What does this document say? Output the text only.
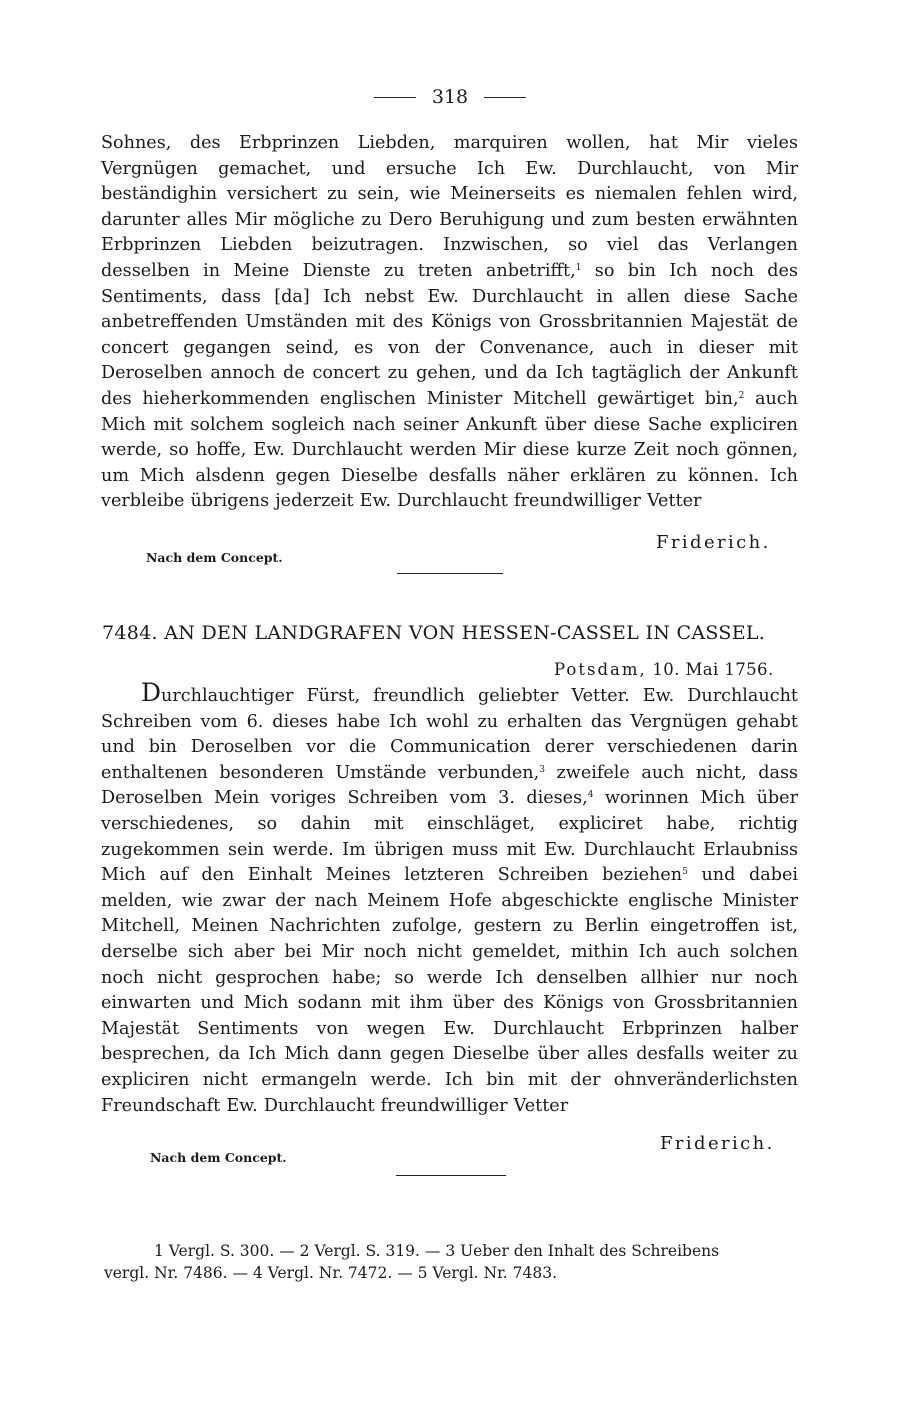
318
Sohnes, des Erbprinzen Liebden, marquiren wollen, hat Mir vieles Vergnügen gemachet, und ersuche Ich Ew. Durchlaucht, von Mir beständighin versichert zu sein, wie Meinerseits es niemalen fehlen wird, darunter alles Mir mögliche zu Dero Beruhigung und zum besten erwähnten Erbprinzen Liebden beizutragen. Inzwischen, so viel das Verlangen desselben in Meine Dienste zu treten anbetrifft,$^1$ so bin Ich noch des Sentiments, dass [da] Ich nebst Ew. Durchlaucht in allen diese Sache anbetreffenden Umständen mit des Königs von Grossbritannien Majestät de concert gegangen seind, es von der Convenance, auch in dieser mit Deroselben annoch de concert zu gehen, und da Ich tagtäglich der Ankunft des hieherkommenden englischen Minister Mitchell gewärtiget bin,$^2$ auch Mich mit solchem sogleich nach seiner Ankunft über diese Sache expliciren werde, so hoffe, Ew. Durchlaucht werden Mir diese kurze Zeit noch gönnen, um Mich alsdenn gegen Dieselbe desfalls näher erklären zu können. Ich verbleibe übrigens jederzeit Ew. Durchlaucht freundwilliger Vetter
Friderich.
Nach dem Concept.
7484. AN DEN LANDGRAFEN VON HESSEN-CASSEL IN CASSEL.
Potsdam, 10. Mai 1756.
Durchlauchtiger Fürst, freundlich geliebter Vetter. Ew. Durchlaucht Schreiben vom 6. dieses habe Ich wohl zu erhalten das Vergnügen gehabt und bin Deroselben vor die Communication derer verschiedenen darin enthaltenen besonderen Umstände verbunden,$^3$ zweifele auch nicht, dass Deroselben Mein voriges Schreiben vom 3. dieses,$^4$ worinnen Mich über verschiedenes, so dahin mit einschläget, expliciret habe, richtig zugekommen sein werde. Im übrigen muss mit Ew. Durchlaucht Erlaubniss Mich auf den Einhalt Meines letzteren Schreiben beziehen$^5$ und dabei melden, wie zwar der nach Meinem Hofe abgeschickte englische Minister Mitchell, Meinen Nachrichten zufolge, gestern zu Berlin eingetroffen ist, derselbe sich aber bei Mir noch nicht gemeldet, mithin Ich auch solchen noch nicht gesprochen habe; so werde Ich denselben allhier nur noch einwarten und Mich sodann mit ihm über des Königs von Grossbritannien Majestät Sentiments von wegen Ew. Durchlaucht Erbprinzen halber besprechen, da Ich Mich dann gegen Dieselbe über alles desfalls weiter zu expliciren nicht ermangeln werde. Ich bin mit der ohnveränderlichsten Freundschaft Ew. Durchlaucht freundwilliger Vetter
Friderich.
Nach dem Concept.

1 Vergl. S. 300. — 2 Vergl. S. 319. — 3 Ueber den Inhalt des Schreibens

vergl. Nr. 7486. — 4 Vergl. Nr. 7472. — 5 Vergl. Nr. 7483.
